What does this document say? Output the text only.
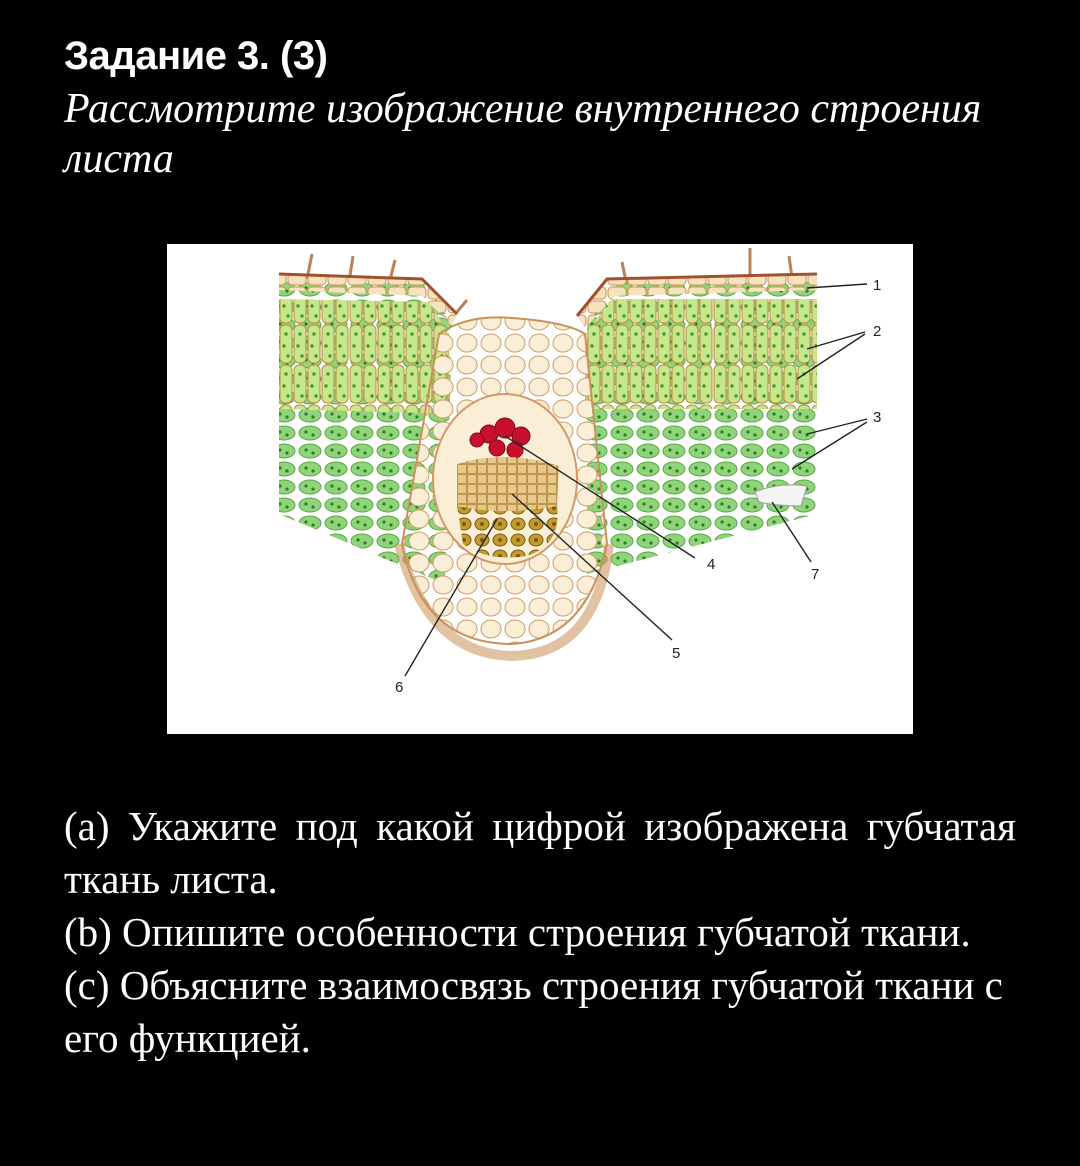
Задание 3. (3)
Рассмотрите изображение внутреннего строения листа
1
2
3
4
5
6
7
(a) Укажите под какой цифрой изображена губчатая ткань листа.
(b) Опишите особенности строения губчатой ткани.
(c) Объясните взаимосвязь строения губчатой ткани с его функцией.
